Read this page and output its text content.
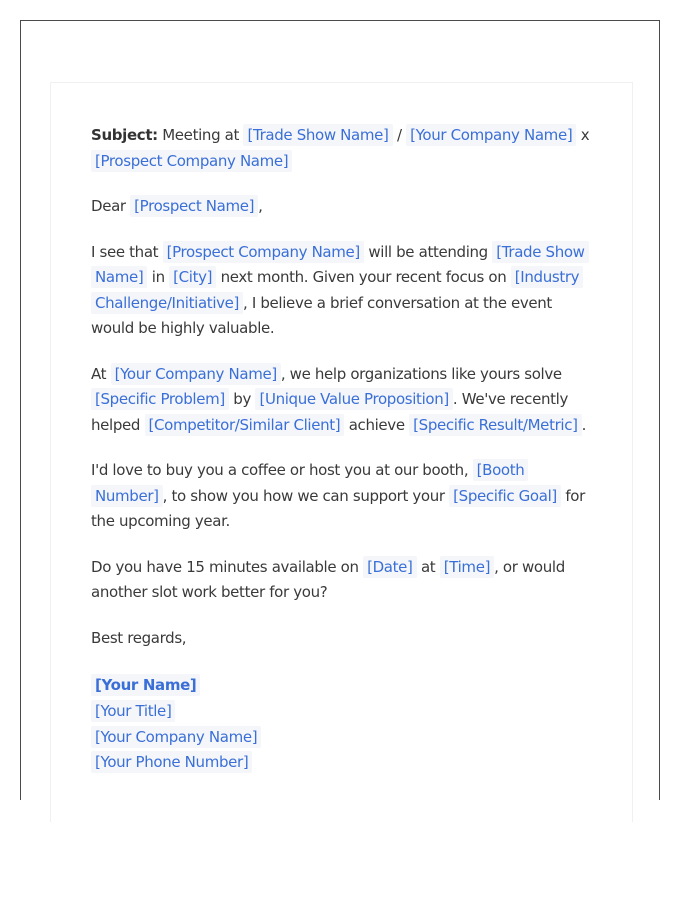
Subject: Meeting at [Trade Show Name] / [Your Company Name] x [Prospect Company Name]

Dear [Prospect Name] ,

I see that [Prospect Company Name] will be attending [Trade Show Name] in [City] next month. Given your recent focus on [Industry Challenge/Initiative] , I believe a brief conversation at the event would be highly valuable.

At [Your Company Name] , we help organizations like yours solve [Specific Problem] by [Unique Value Proposition] . We've recently helped [Competitor/Similar Client] achieve [Specific Result/Metric] .

I'd love to buy you a coffee or host you at our booth, [Booth Number] , to show you how we can support your [Specific Goal] for the upcoming year.

Do you have 15 minutes available on [Date] at [Time] , or would another slot work better for you?

Best regards,

[Your Name]
[Your Title]
[Your Company Name]
[Your Phone Number]
